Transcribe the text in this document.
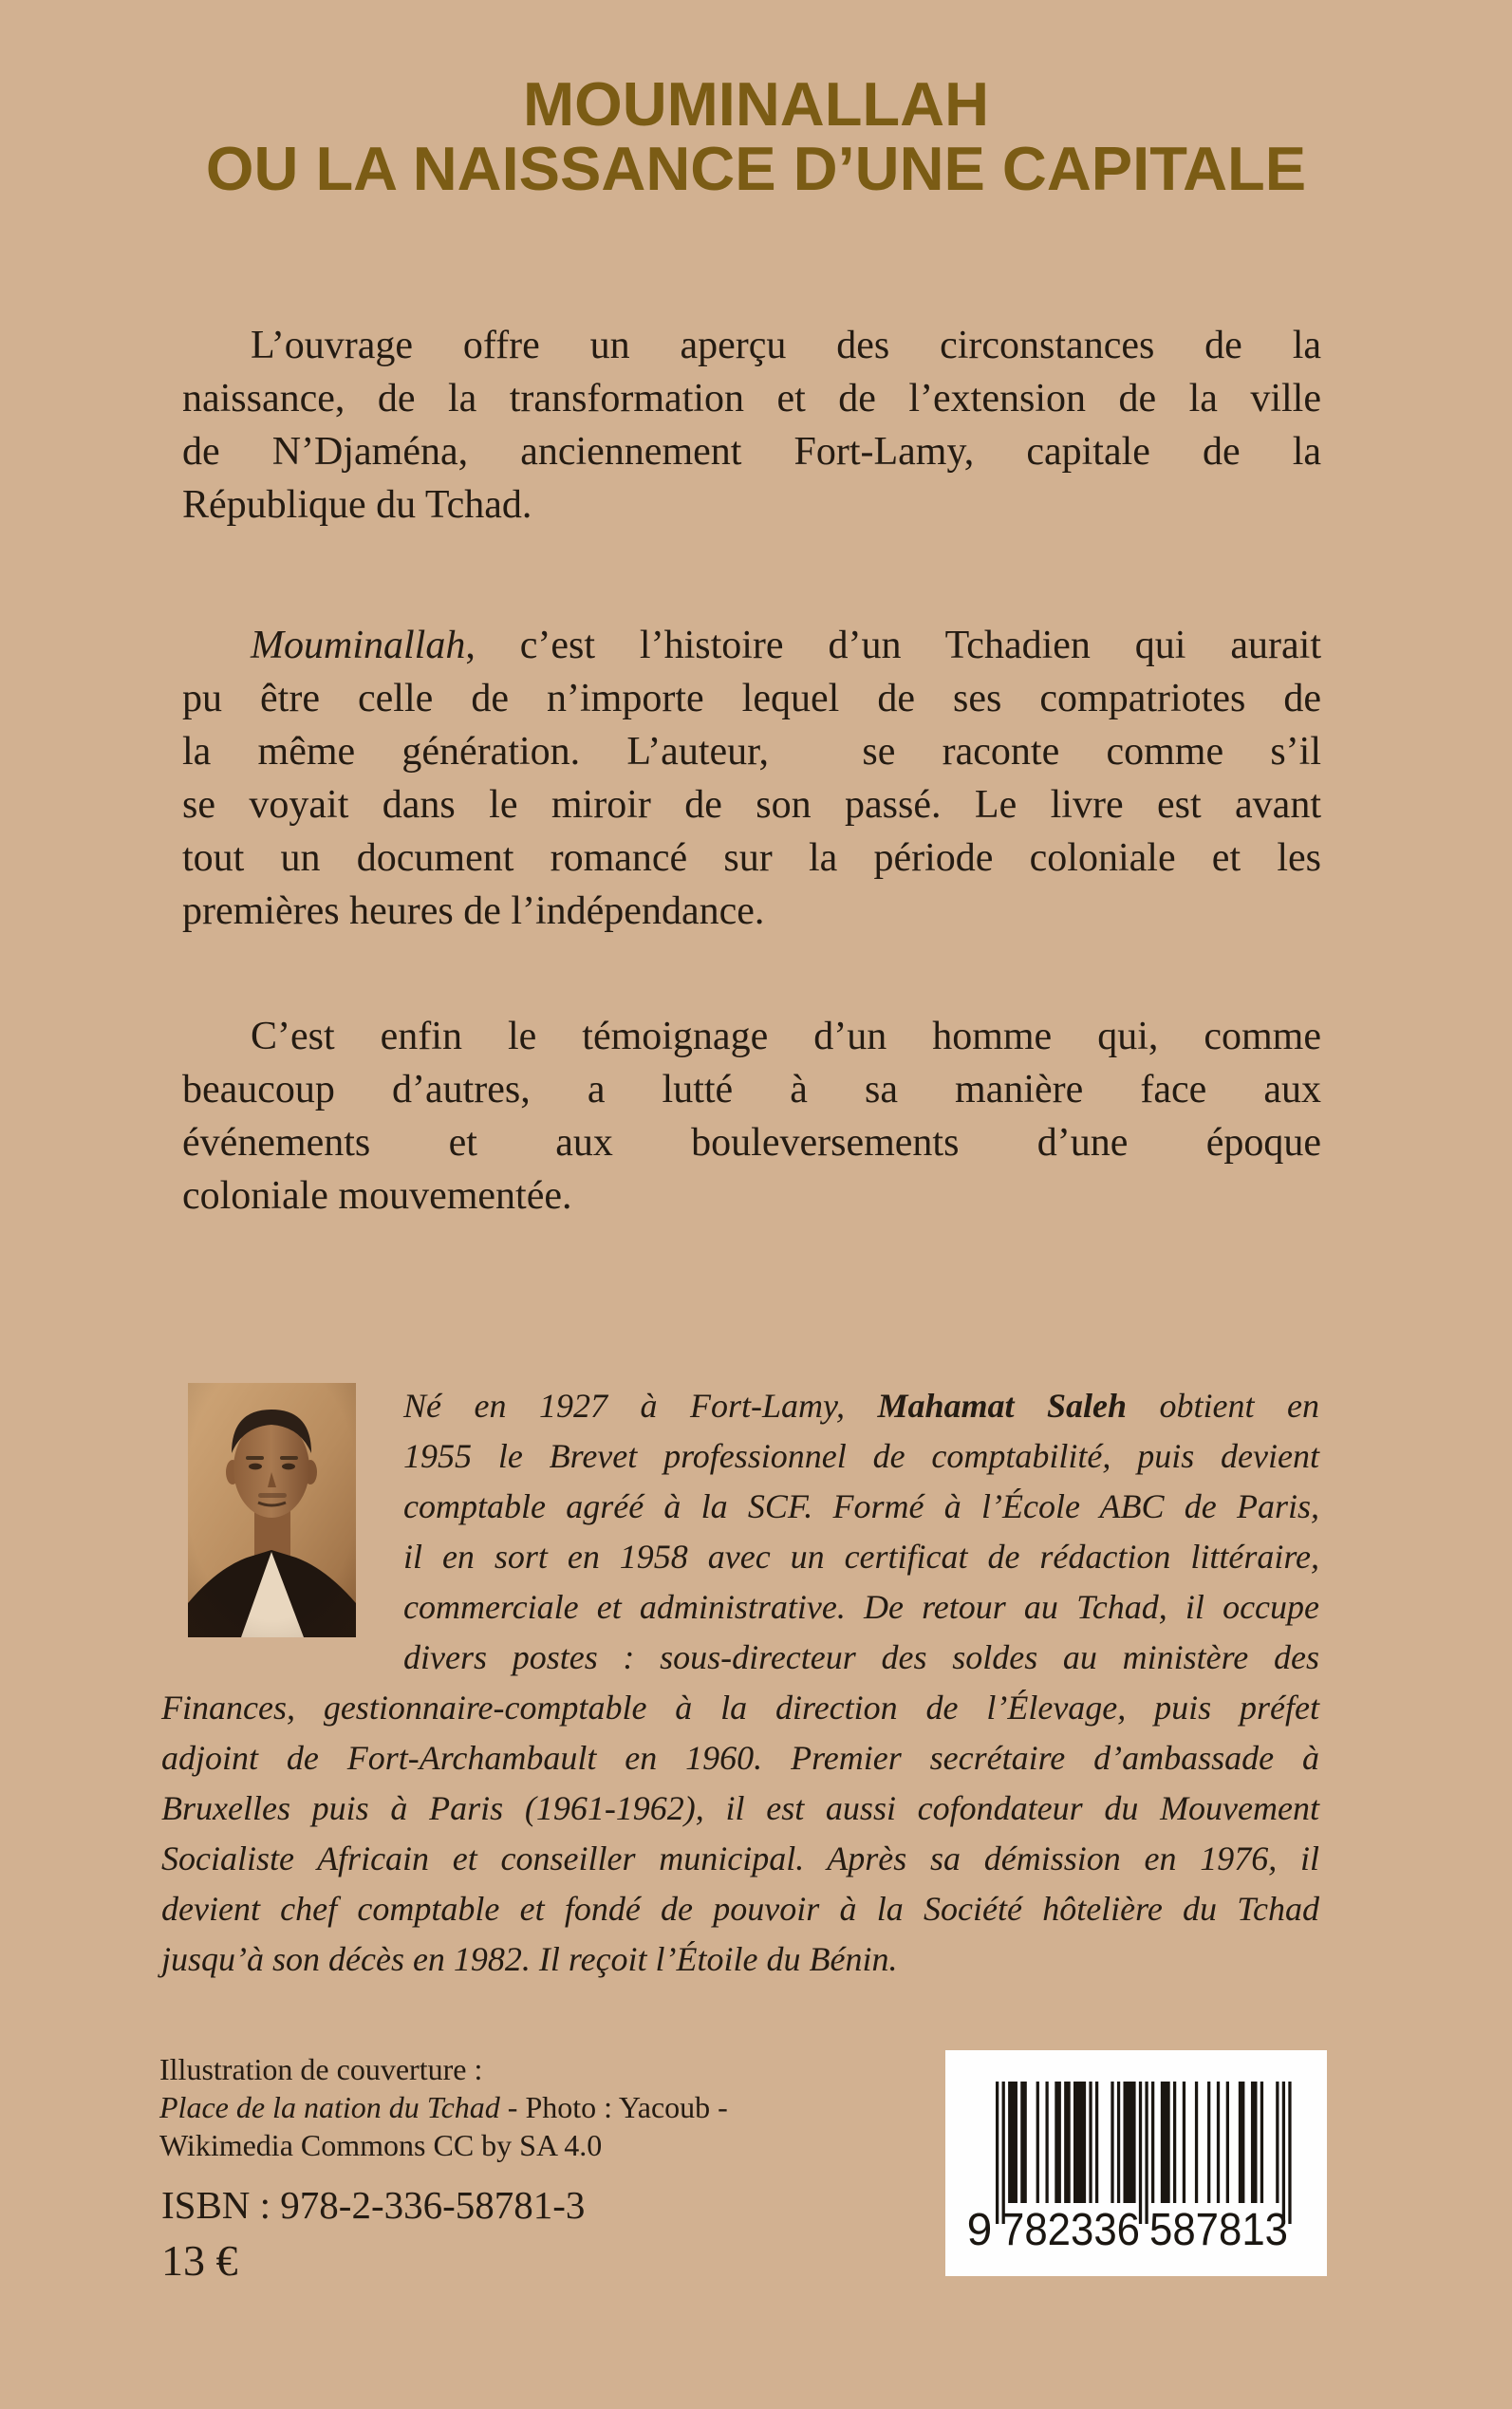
MOUMINALLAH
OU LA NAISSANCE D’UNE CAPITALE
L’ouvrage offre un aperçu des circonstances de la
naissance, de la transformation et de l’extension de la ville
de N’Djaména, anciennement Fort-Lamy, capitale de la
République du Tchad.
Mouminallah, c’est l’histoire d’un Tchadien qui aurait
pu être celle de n’importe lequel de ses compatriotes de
la même génération. L’auteur,  se raconte comme s’il
se voyait dans le miroir de son passé. Le livre est avant
tout un document romancé sur la période coloniale et les
premières heures de l’indépendance.
C’est enfin le témoignage d’un homme qui, comme
beaucoup d’autres, a lutté à sa manière face aux
événements et aux bouleversements d’une époque
coloniale mouvementée.
Né en 1927 à Fort-Lamy, Mahamat Saleh obtient en
1955 le Brevet professionnel de comptabilité, puis devient
comptable agréé à la SCF. Formé à l’École ABC de Paris,
il en sort en 1958 avec un certificat de rédaction littéraire,
commerciale et administrative. De retour au Tchad, il occupe
divers postes : sous-directeur des soldes au ministère des
Finances, gestionnaire-comptable à la direction de l’Élevage, puis préfet
adjoint de Fort-Archambault en 1960. Premier secrétaire d’ambassade à
Bruxelles puis à Paris (1961-1962), il est aussi cofondateur du Mouvement
Socialiste Africain et conseiller municipal. Après sa démission en 1976, il
devient chef comptable et fondé de pouvoir à la Société hôtelière du Tchad
jusqu’à son décès en 1982. Il reçoit l’Étoile du Bénin.
Illustration de couverture :
Place de la nation du Tchad - Photo : Yacoub -
Wikimedia Commons CC by SA 4.0
ISBN : 978-2-336-58781-3
13 €
9 782336 587813
